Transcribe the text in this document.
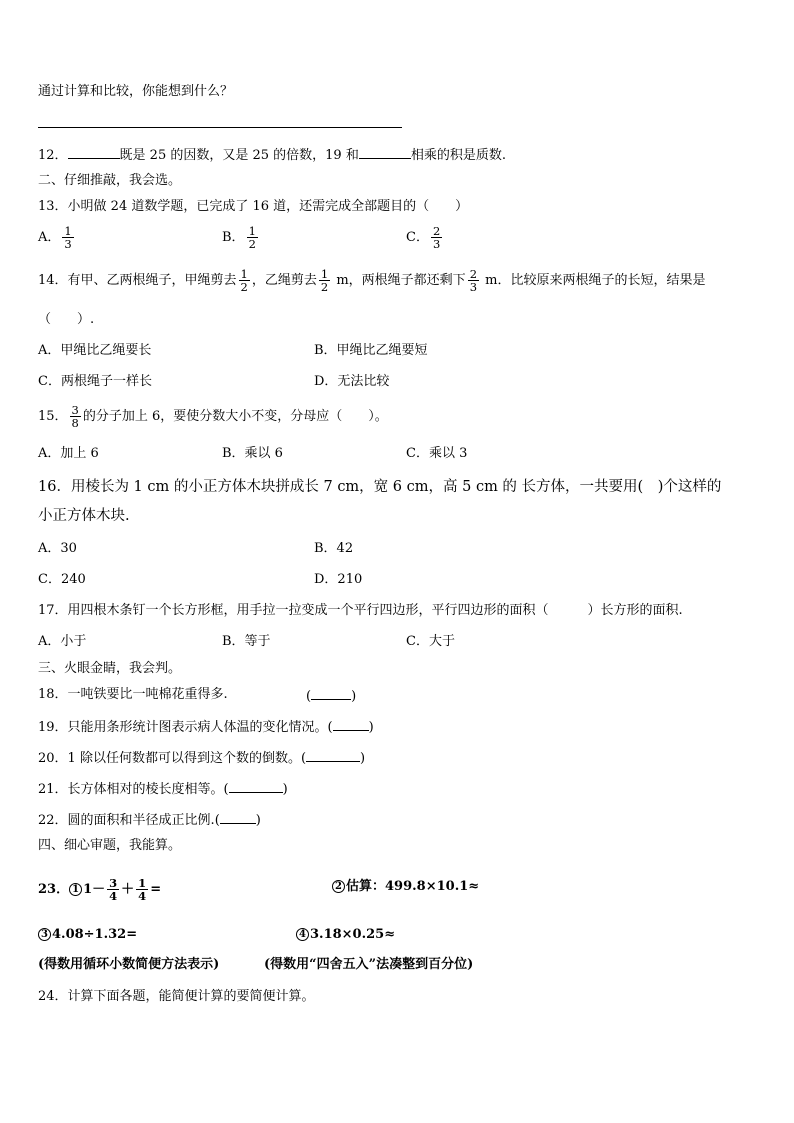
通过计算和比较，你能想到什么？
12．	既是 25 的因数，又是 25 的倍数，19 和	相乘的积是质数.
二、仔细推敲，我会选。
13．小明做 24 道数学题，已完成了 16 道，还需完成全部题目的（　　）
A． $\frac{1}{3}$	B． $\frac{1}{2}$	C． $\frac{2}{3}$
14．有甲、乙两根绳子，甲绳剪去 $\frac{1}{2}$ ，乙绳剪去 $\frac{1}{2}$ m，两根绳子都还剩下 $\frac{2}{3}$ m．比较原来两根绳子的长短，结果是
（　　）.
A．甲绳比乙绳要长	B．甲绳比乙绳要短
C．两根绳子一样长	D．无法比较
15． $\frac{3}{8}$ 的分子加上 6，要使分数大小不变，分母应（　　）。
A．加上 6	B．乘以 6	C．乘以 3
16．用棱长为 1 cm 的小正方体木块拼成长 7 cm，宽 6 cm，高 5 cm 的 长方体，一共要用(　)个这样的
小正方体木块.
A．30	B．42
C．240	D．210
17．用四根木条钉一个长方形框，用手拉一拉变成一个平行四边形，平行四边形的面积（　　　）长方形的面积.
A．小于	B．等于	C．大于
三、火眼金睛，我会判。
18．一吨铁要比一吨棉花重得多.	(	)
19．只能用条形统计图表示病人体温的变化情况。(	)
20．1 除以任何数都可以得到这个数的倒数。(	)
21．长方体相对的棱长度相等。(	)
22．圆的面积和半径成正比例.(	)
四、细心审题，我能算。
23． 1 $1- \frac{3}{4} + \frac{1}{4}$ =	2 估算：499.8×10.1≈
3 4.08÷1.32=	4 3.18×0.25≈
(得数用循环小数简便方法表示)	(得数用“四舍五入”法凑整到百分位)
24．计算下面各题，能简便计算的要简便计算。
